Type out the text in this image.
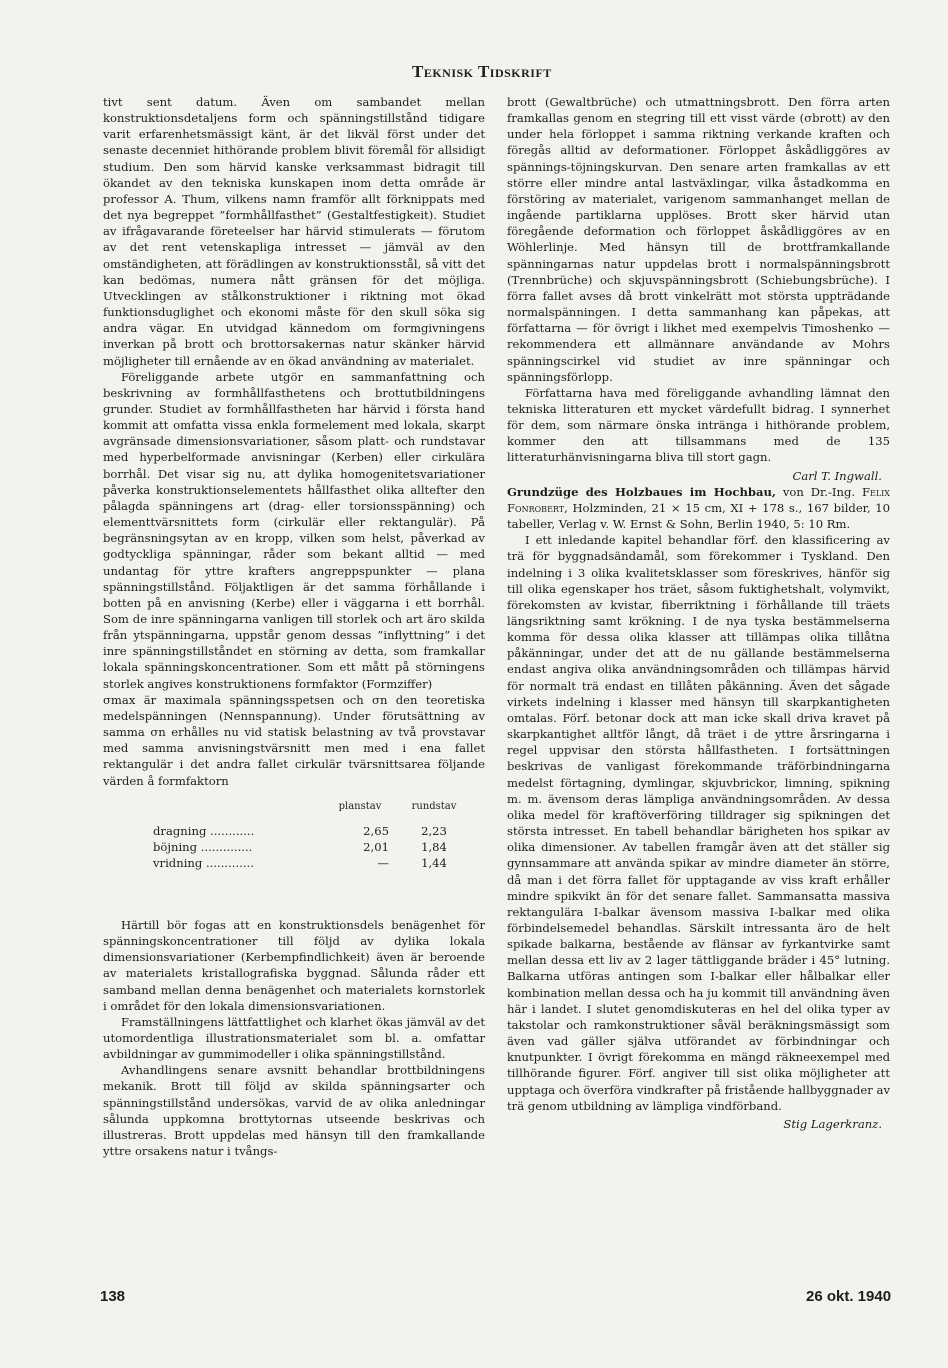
Teknisk Tidskrift

tivt sent datum. Även om sambandet mellan konstruktionsdetaljens form och spänningstillstånd tidigare varit erfarenhetsmässigt känt, är det likväl först under det senaste decenniet hithörande problem blivit föremål för allsidigt studium. Den som härvid kanske verksammast bidragit till ökandet av den tekniska kunskapen inom detta område är professor A. Thum, vilkens namn framför allt förknippats med det nya begreppet ”formhållfasthet” (Gestaltfestigkeit). Studiet av ifrågavarande företeelser har härvid stimulerats — förutom av det rent vetenskapliga intresset — jämväl av den omständigheten, att förädlingen av konstruktionsstål, så vitt det kan bedömas, numera nått gränsen för det möjliga. Utvecklingen av stålkonstruktioner i riktning mot ökad funktionsduglighet och ekonomi måste för den skull söka sig andra vägar. En utvidgad kännedom om formgivningens inverkan på brott och brottorsakernas natur skänker härvid möjligheter till ernående av en ökad användning av materialet.

Föreliggande arbete utgör en sammanfattning och beskrivning av formhållfasthetens och brottutbildningens grunder. Studiet av formhållfastheten har härvid i första hand kommit att omfatta vissa enkla formelement med lokala, skarpt avgränsade dimensionsvariationer, såsom platt- och rundstavar med hyperbelformade anvisningar (Kerben) eller cirkulära borrhål. Det visar sig nu, att dylika homogenitetsvariationer påverka konstruktionselementets hållfasthet olika alltefter den pålagda spänningens art (drag- eller torsionsspänning) och elementtvärsnittets form (cirkulär eller rektangulär). På begränsningsytan av en kropp, vilken som helst, påverkad av godtyckliga spänningar, råder som bekant alltid — med undantag för yttre krafters angreppspunkter — plana spänningstillstånd. Följaktligen är det samma förhållande i botten på en anvisning (Kerbe) eller i väggarna i ett borrhål. Som de inre spänningarna vanligen till storlek och art äro skilda från ytspänningarna, uppstår genom dessas ”inflyttning” i det inre spänningstillståndet en störning av detta, som framkallar lokala spänningskoncentrationer. Som ett mått på störningens storlek angives konstruktionens formfaktor (Formziffer)

σmax är maximala spänningsspetsen och σn den teoretiska medelspänningen (Nennspannung). Under förutsättning av samma σn erhålles nu vid statisk belastning av två provstavar med samma anvisningstvärsnitt men med i ena fallet rektangulär i det andra fallet cirkulär tvärsnittsarea följande värden å formfaktorn

	planstav	rundstav
dragning ............	2,65	2,23
böjning ..............	2,01	1,84
vridning .............	—	1,44

Härtill bör fogas att en konstruktionsdels benägenhet för spänningskoncentrationer till följd av dylika lokala dimensionsvariationer (Kerbempfindlichkeit) även är beroende av materialets kristallografiska byggnad. Sålunda råder ett samband mellan denna benägenhet och materialets kornstorlek i området för den lokala dimensionsvariationen.

Framställningens lättfattlighet och klarhet ökas jämväl av det utomordentliga illustrationsmaterialet som bl. a. omfattar avbildningar av gummimodeller i olika spänningstillstånd.

Avhandlingens senare avsnitt behandlar brottbildningens mekanik. Brott till följd av skilda spänningsarter och spänningstillstånd undersökas, varvid de av olika anledningar sålunda uppkomna brottytornas utseende beskrivas och illustreras. Brott uppdelas med hänsyn till den framkallande yttre orsakens natur i tvångs-

brott (Gewaltbrüche) och utmattningsbrott. Den förra arten framkallas genom en stegring till ett visst värde (σbrott) av den under hela förloppet i samma riktning verkande kraften och föregås alltid av deformationer. Förloppet åskådliggöres av spännings-töjningskurvan. Den senare arten framkallas av ett större eller mindre antal lastväxlingar, vilka åstadkomma en förstöring av materialet, varigenom sammanhanget mellan de ingående partiklarna upplöses. Brott sker härvid utan föregående deformation och förloppet åskådliggöres av en Wöhlerlinje. Med hänsyn till de brottframkallande spänningarnas natur uppdelas brott i normalspänningsbrott (Trennbrüche) och skjuvspänningsbrott (Schiebungsbrüche). I förra fallet avses då brott vinkelrätt mot största uppträdande normalspänningen. I detta sammanhang kan påpekas, att författarna — för övrigt i likhet med exempelvis Timoshenko — rekommendera ett allmännare användande av Mohrs spänningscirkel vid studiet av inre spänningar och spänningsförlopp.

Författarna hava med föreliggande avhandling lämnat den tekniska litteraturen ett mycket värdefullt bidrag. I synnerhet för dem, som närmare önska intränga i hithörande problem, kommer den att tillsammans med de 135 litteraturhänvisningarna bliva till stort gagn.

Carl T. Ingwall.

Grundzüge des Holzbaues im Hochbau, von Dr.-Ing. Felix Fonrobert, Holzminden, 21 × 15 cm, XI + 178 s., 167 bilder, 10 tabeller, Verlag v. W. Ernst & Sohn, Berlin 1940, 5: 10 Rm.

I ett inledande kapitel behandlar förf. den klassificering av trä för byggnadsändamål, som förekommer i Tyskland. Den indelning i 3 olika kvalitetsklasser som föreskrives, hänför sig till olika egenskaper hos träet, såsom fuktighetshalt, volymvikt, förekomsten av kvistar, fiberriktning i förhållande till träets längsriktning samt krökning. I de nya tyska bestämmelserna komma för dessa olika klasser att tillämpas olika tillåtna påkänningar, under det att de nu gällande bestämmelserna endast angiva olika användningsområden och tillämpas härvid för normalt trä endast en tillåten påkänning. Även det sågade virkets indelning i klasser med hänsyn till skarpkantigheten omtalas. Förf. betonar dock att man icke skall driva kravet på skarpkantighet alltför långt, då träet i de yttre årsringarna i regel uppvisar den största hållfastheten. I fortsättningen beskrivas de vanligast förekommande träförbindningarna medelst förtagning, dymlingar, skjuvbrickor, limning, spikning m. m. ävensom deras lämpliga användningsområden. Av dessa olika medel för kraftöverföring tilldrager sig spikningen det största intresset. En tabell behandlar bärigheten hos spikar av olika dimensioner. Av tabellen framgår även att det ställer sig gynnsammare att använda spikar av mindre diameter än större, då man i det förra fallet för upptagande av viss kraft erhåller mindre spikvikt än för det senare fallet. Sammansatta massiva rektangulära I-balkar ävensom massiva I-balkar med olika förbindelsemedel behandlas. Särskilt intressanta äro de helt spikade balkarna, bestående av flänsar av fyrkantvirke samt mellan dessa ett liv av 2 lager tättliggande bräder i 45° lutning. Balkarna utföras antingen som I-balkar eller hålbalkar eller kombination mellan dessa och ha ju kommit till användning även här i landet. I slutet genomdiskuteras en hel del olika typer av takstolar och ramkonstruktioner såväl beräkningsmässigt som även vad gäller själva utförandet av förbindningar och knutpunkter. I övrigt förekomma en mängd räkneexempel med tillhörande figurer. Förf. angiver till sist olika möjligheter att upptaga och överföra vindkrafter på fristående hallbyggnader av trä genom utbildning av lämpliga vindförband.

Stig Lagerkranz.
138	26 okt. 1940
